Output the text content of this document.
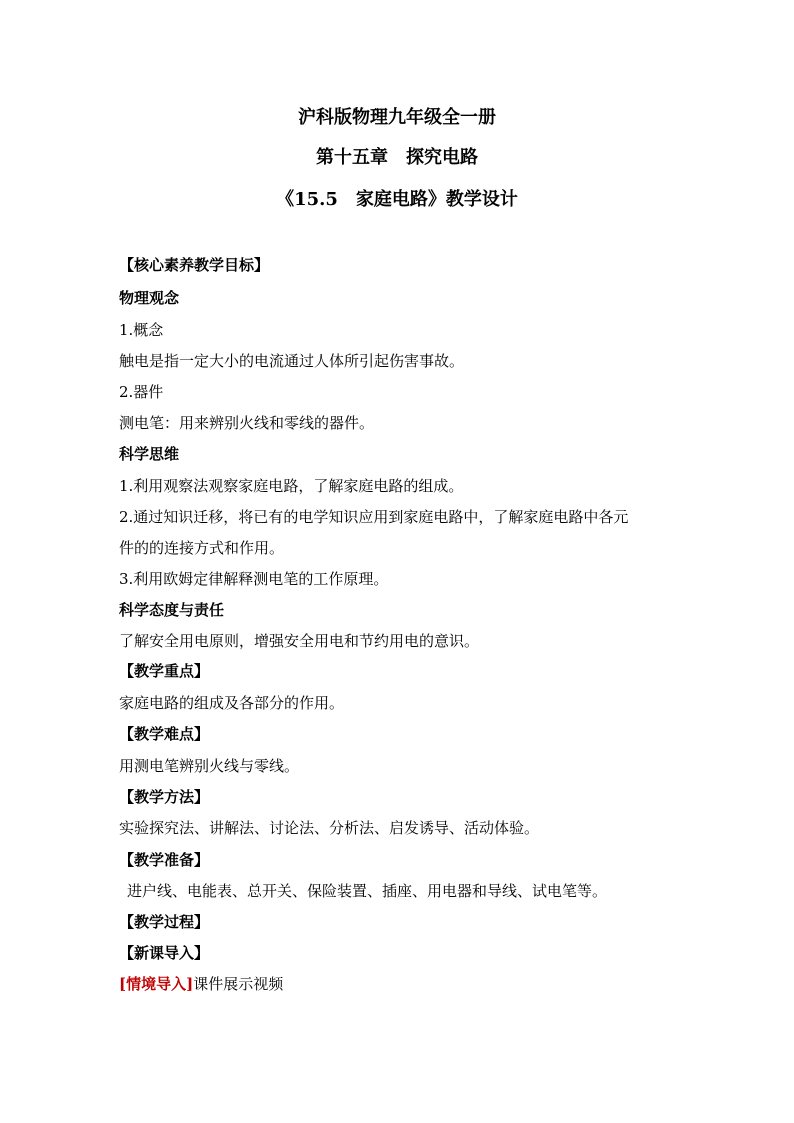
沪科版物理九年级全一册
第十五章　探究电路
《15.5　家庭电路》教学设计
【核心素养教学目标】
物理观念
1.概念
触电是指一定大小的电流通过人体所引起伤害事故。
2.器件
测电笔：用来辨别火线和零线的器件。
科学思维
1.利用观察法观察家庭电路，了解家庭电路的组成。
2.通过知识迁移，将已有的电学知识应用到家庭电路中，了解家庭电路中各元
件的的连接方式和作用。
3.利用欧姆定律解释测电笔的工作原理。
科学态度与责任
了解安全用电原则，增强安全用电和节约用电的意识。
【教学重点】
家庭电路的组成及各部分的作用。
【教学难点】
用测电笔辨别火线与零线。
【教学方法】
实验探究法、讲解法、讨论法、分析法、启发诱导、活动体验。
【教学准备】
进户线、电能表、总开关、保险装置、插座、用电器和导线、试电笔等。
【教学过程】
【新课导入】
[情境导入]课件展示视频
